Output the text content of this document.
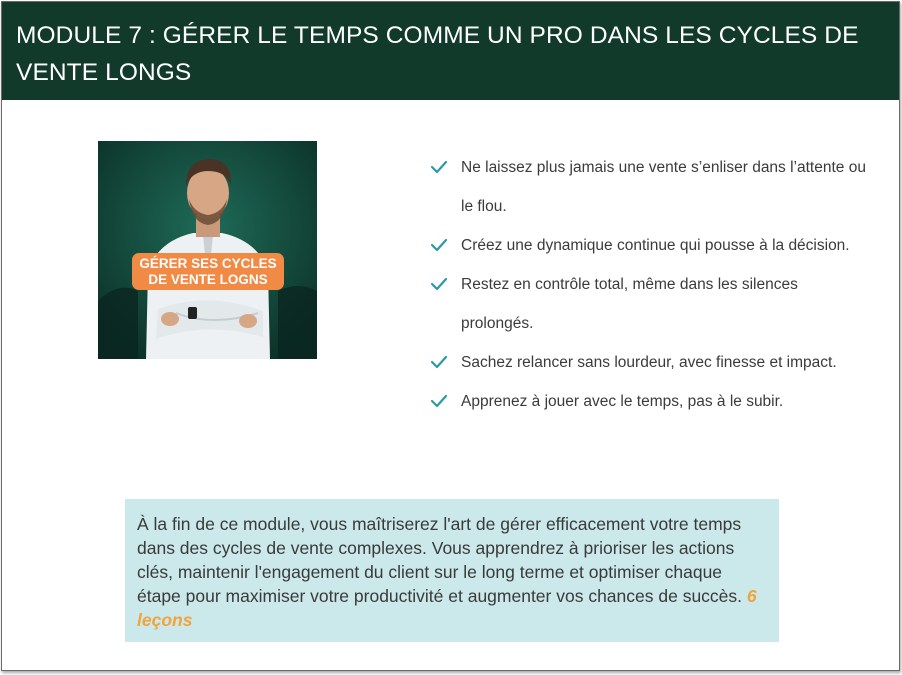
MODULE 7 : GÉRER LE TEMPS COMME UN PRO DANS LES CYCLES DE VENTE LONGS
GÉRER SES CYCLES
DE VENTE LOGNS
Ne laissez plus jamais une vente s’enliser dans l’attente ou le flou.
Créez une dynamique continue qui pousse à la décision.
Restez en contrôle total, même dans les silences prolongés.
Sachez relancer sans lourdeur, avec finesse et impact.
Apprenez à jouer avec le temps, pas à le subir.
À la fin de ce module, vous maîtriserez l'art de gérer efficacement votre temps dans des cycles de vente complexes. Vous apprendrez à prioriser les actions clés, maintenir l'engagement du client sur le long terme et optimiser chaque étape pour maximiser votre productivité et augmenter vos chances de succès. 6 leçons
